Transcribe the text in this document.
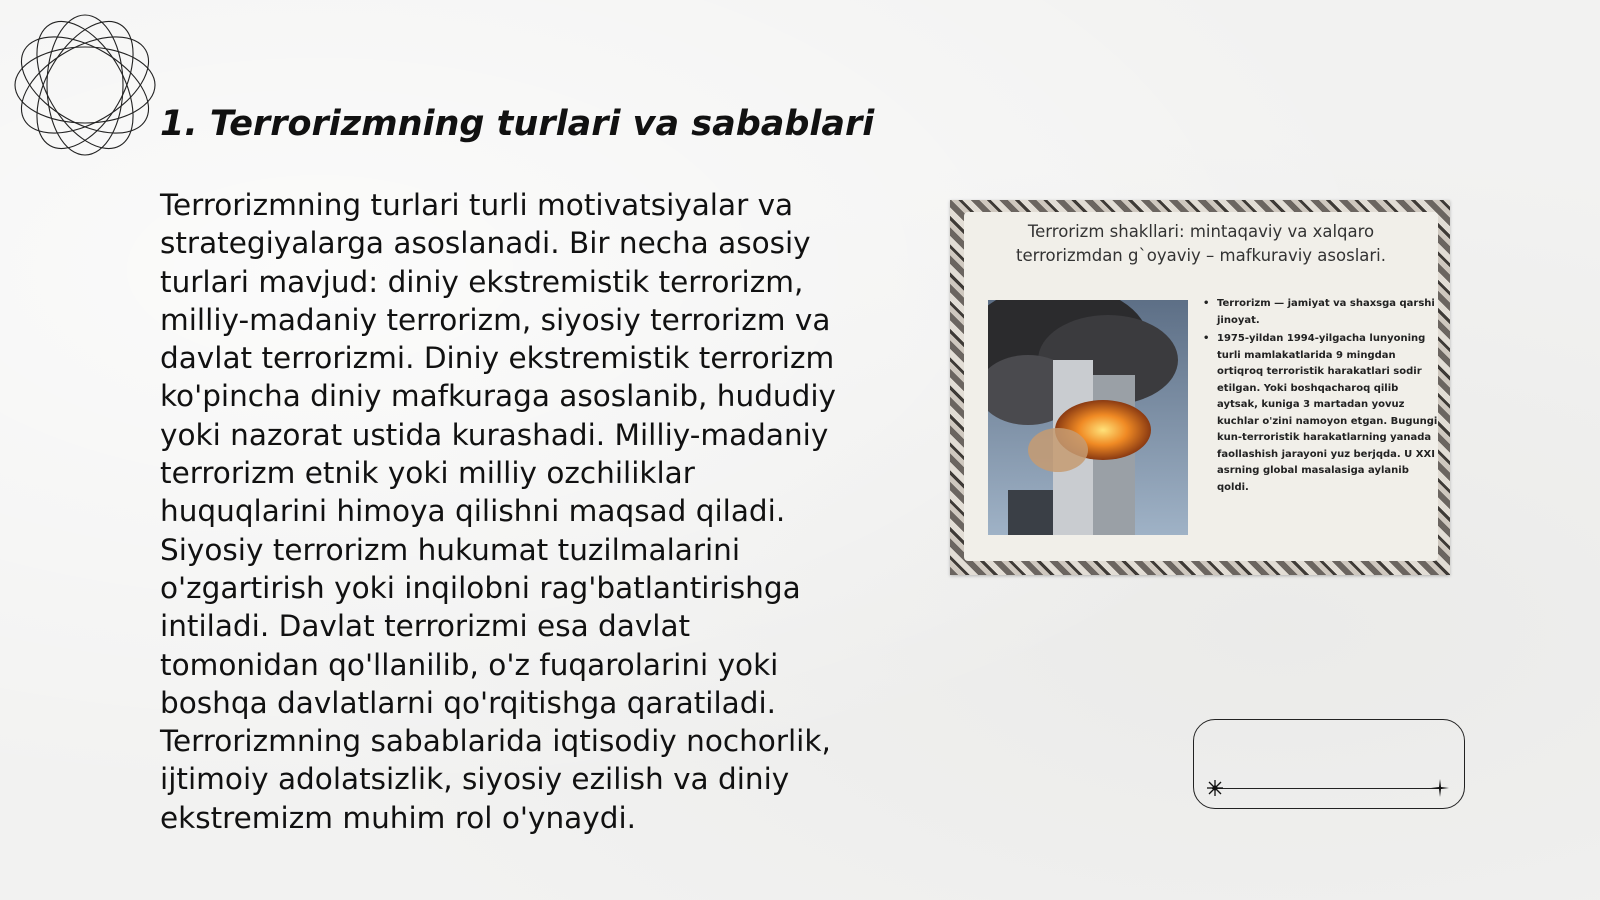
1. Terrorizmning turlari va sabablari

Terrorizmning turlari turli motivatsiyalar va strategiyalarga asoslanadi. Bir necha asosiy turlari mavjud: diniy ekstremistik terrorizm, milliy-madaniy terrorizm, siyosiy terrorizm va davlat terrorizmi. Diniy ekstremistik terrorizm ko'pincha diniy mafkuraga asoslanib, hududiy yoki nazorat ustida kurashadi. Milliy-madaniy terrorizm etnik yoki milliy ozchiliklar huquqlarini himoya qilishni maqsad qiladi. Siyosiy terrorizm hukumat tuzilmalarini o'zgartirish yoki inqilobni rag'batlantirishga intiladi. Davlat terrorizmi esa davlat tomonidan qo'llanilib, o'z fuqarolarini yoki boshqa davlatlarni qo'rqitishga qaratiladi. Terrorizmning sabablarida iqtisodiy nochorlik, ijtimoiy adolatsizlik, siyosiy ezilish va diniy ekstremizm muhim rol o'ynaydi.

Terrorizm shakllari: mintaqaviy va xalqaro terrorizmdan g`oyaviy – mafkuraviy asoslari.
• Terrorizm — jamiyat va shaxsga qarshi jinoyat.
• 1975-yildan 1994-yilgacha lunyoning turli mamlakatlarida 9 mingdan ortiqroq terroristik harakatlari sodir etilgan. Yoki boshqacharoq qilib aytsak, kuniga 3 martadan yovuz kuchlar o'zini namoyon etgan. Bugungi kun-terroristik harakatlarning yanada faollashish jarayoni yuz berjqda. U XXI asrning global masalasiga aylanib qoldi.
